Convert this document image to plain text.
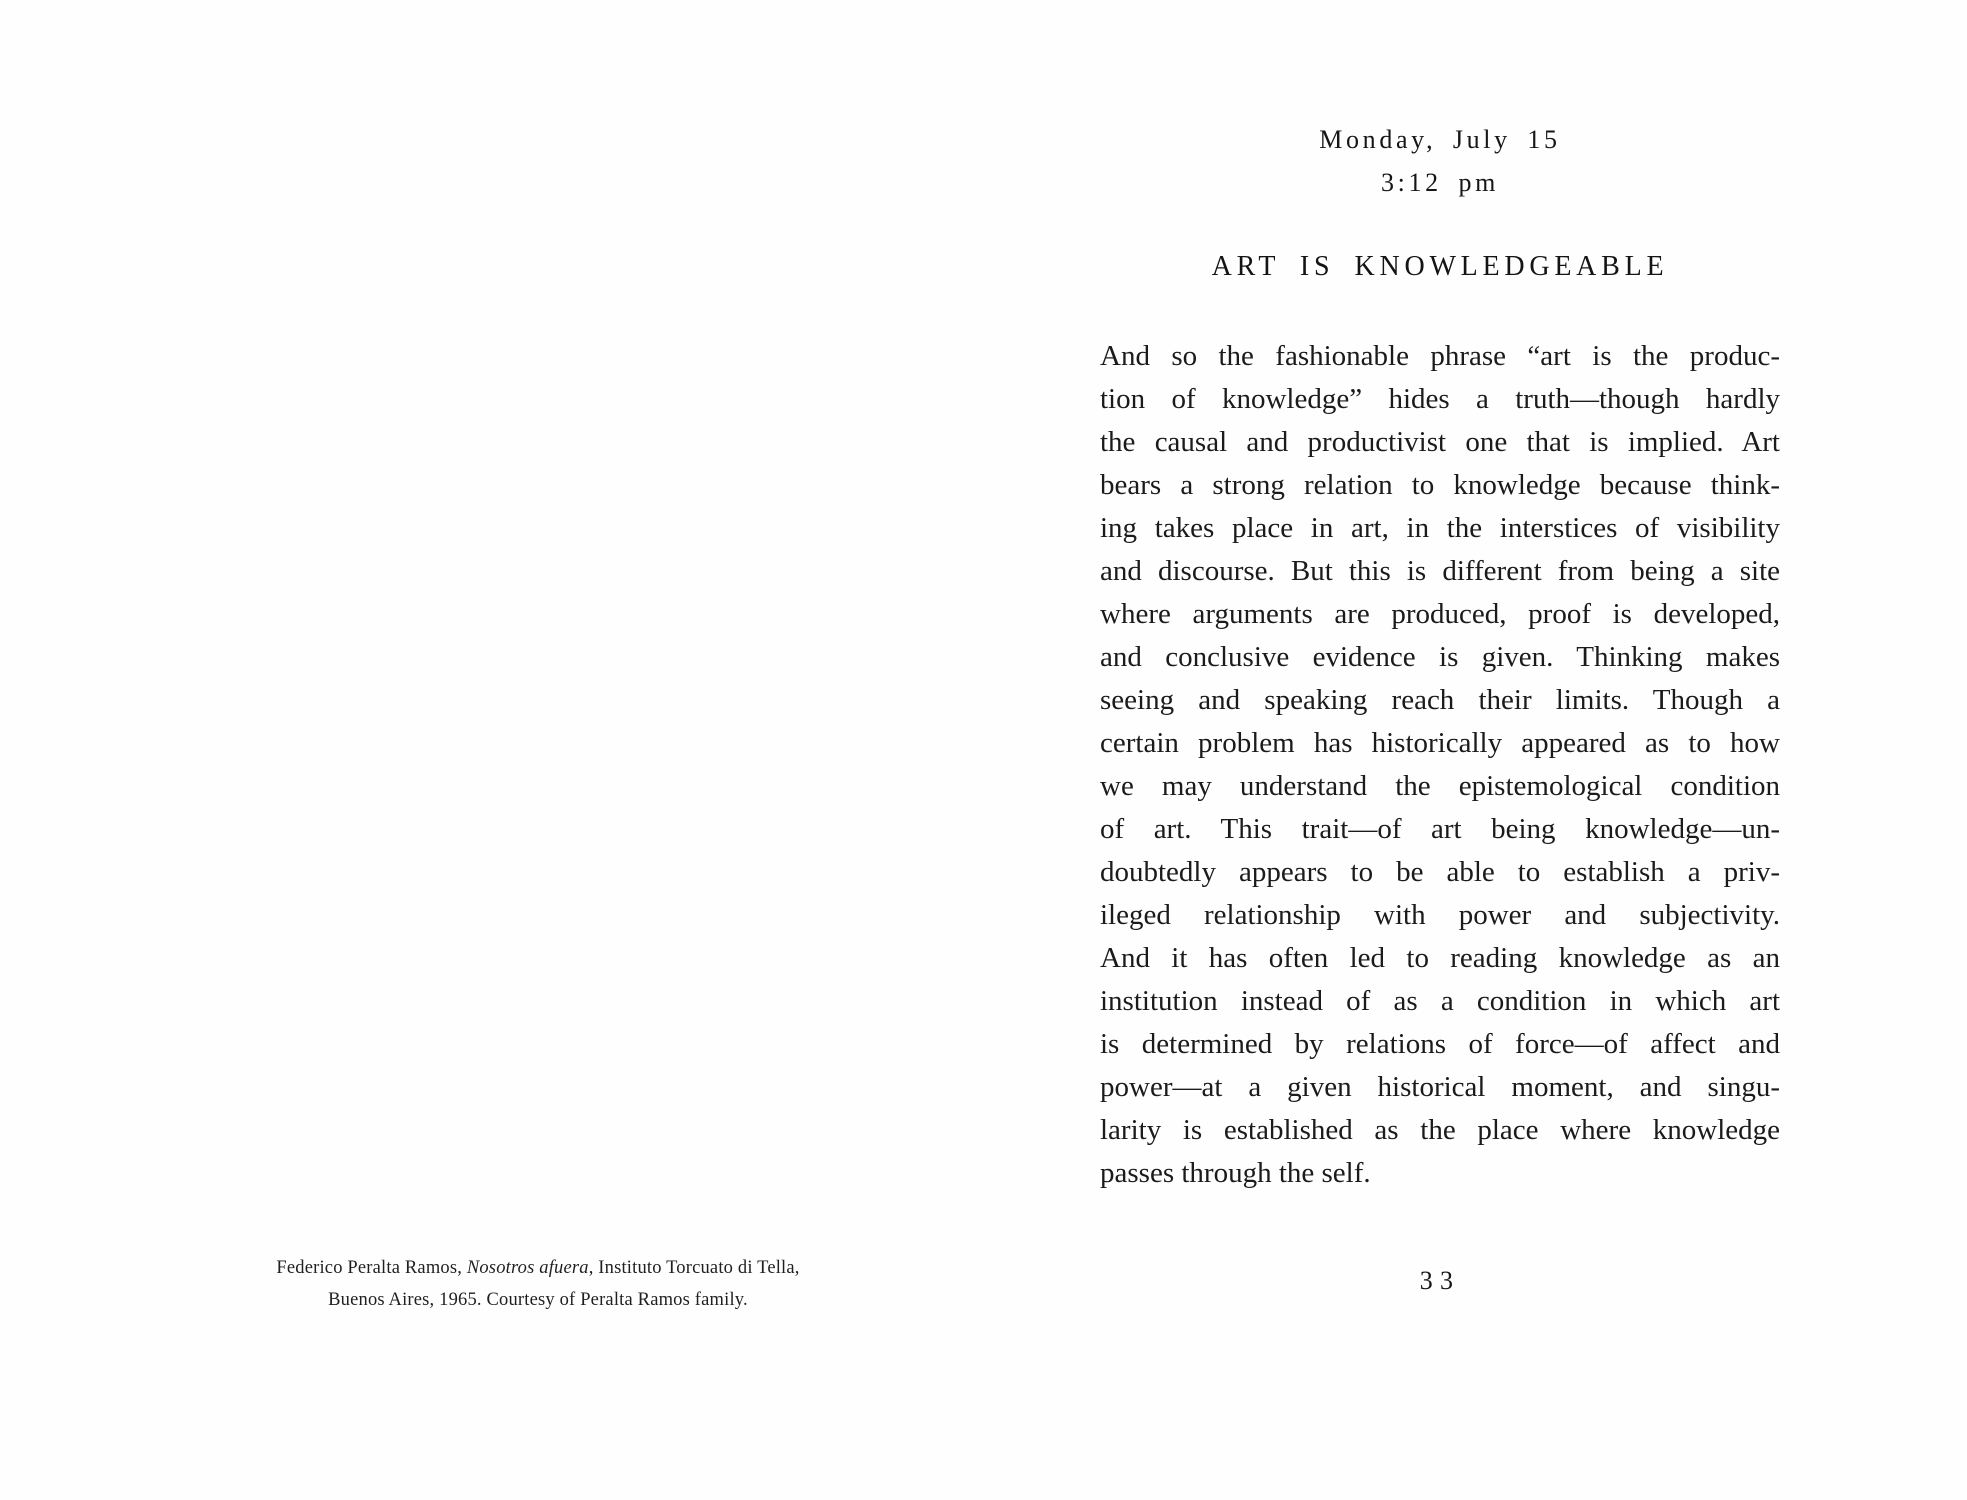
Federico Peralta Ramos, Nosotros afuera, Instituto Torcuato di Tella,
Buenos Aires, 1965. Courtesy of Peralta Ramos family.
Monday, July 15
3:12 pm
ART IS KNOWLEDGEABLE
And so the fashionable phrase “art is the produc-
tion of knowledge” hides a truth—though hardly
the causal and productivist one that is implied. Art
bears a strong relation to knowledge because think-
ing takes place in art, in the interstices of visibility
and discourse. But this is different from being a site
where arguments are produced, proof is developed,
and conclusive evidence is given. Thinking makes
seeing and speaking reach their limits. Though a
certain problem has historically appeared as to how
we may understand the epistemological condition
of art. This trait—of art being knowledge—un-
doubtedly appears to be able to establish a priv-
ileged relationship with power and subjectivity.
And it has often led to reading knowledge as an
institution instead of as a condition in which art
is determined by relations of force—of affect and
power—at a given historical moment, and singu-
larity is established as the place where knowledge
passes through the self.
33
